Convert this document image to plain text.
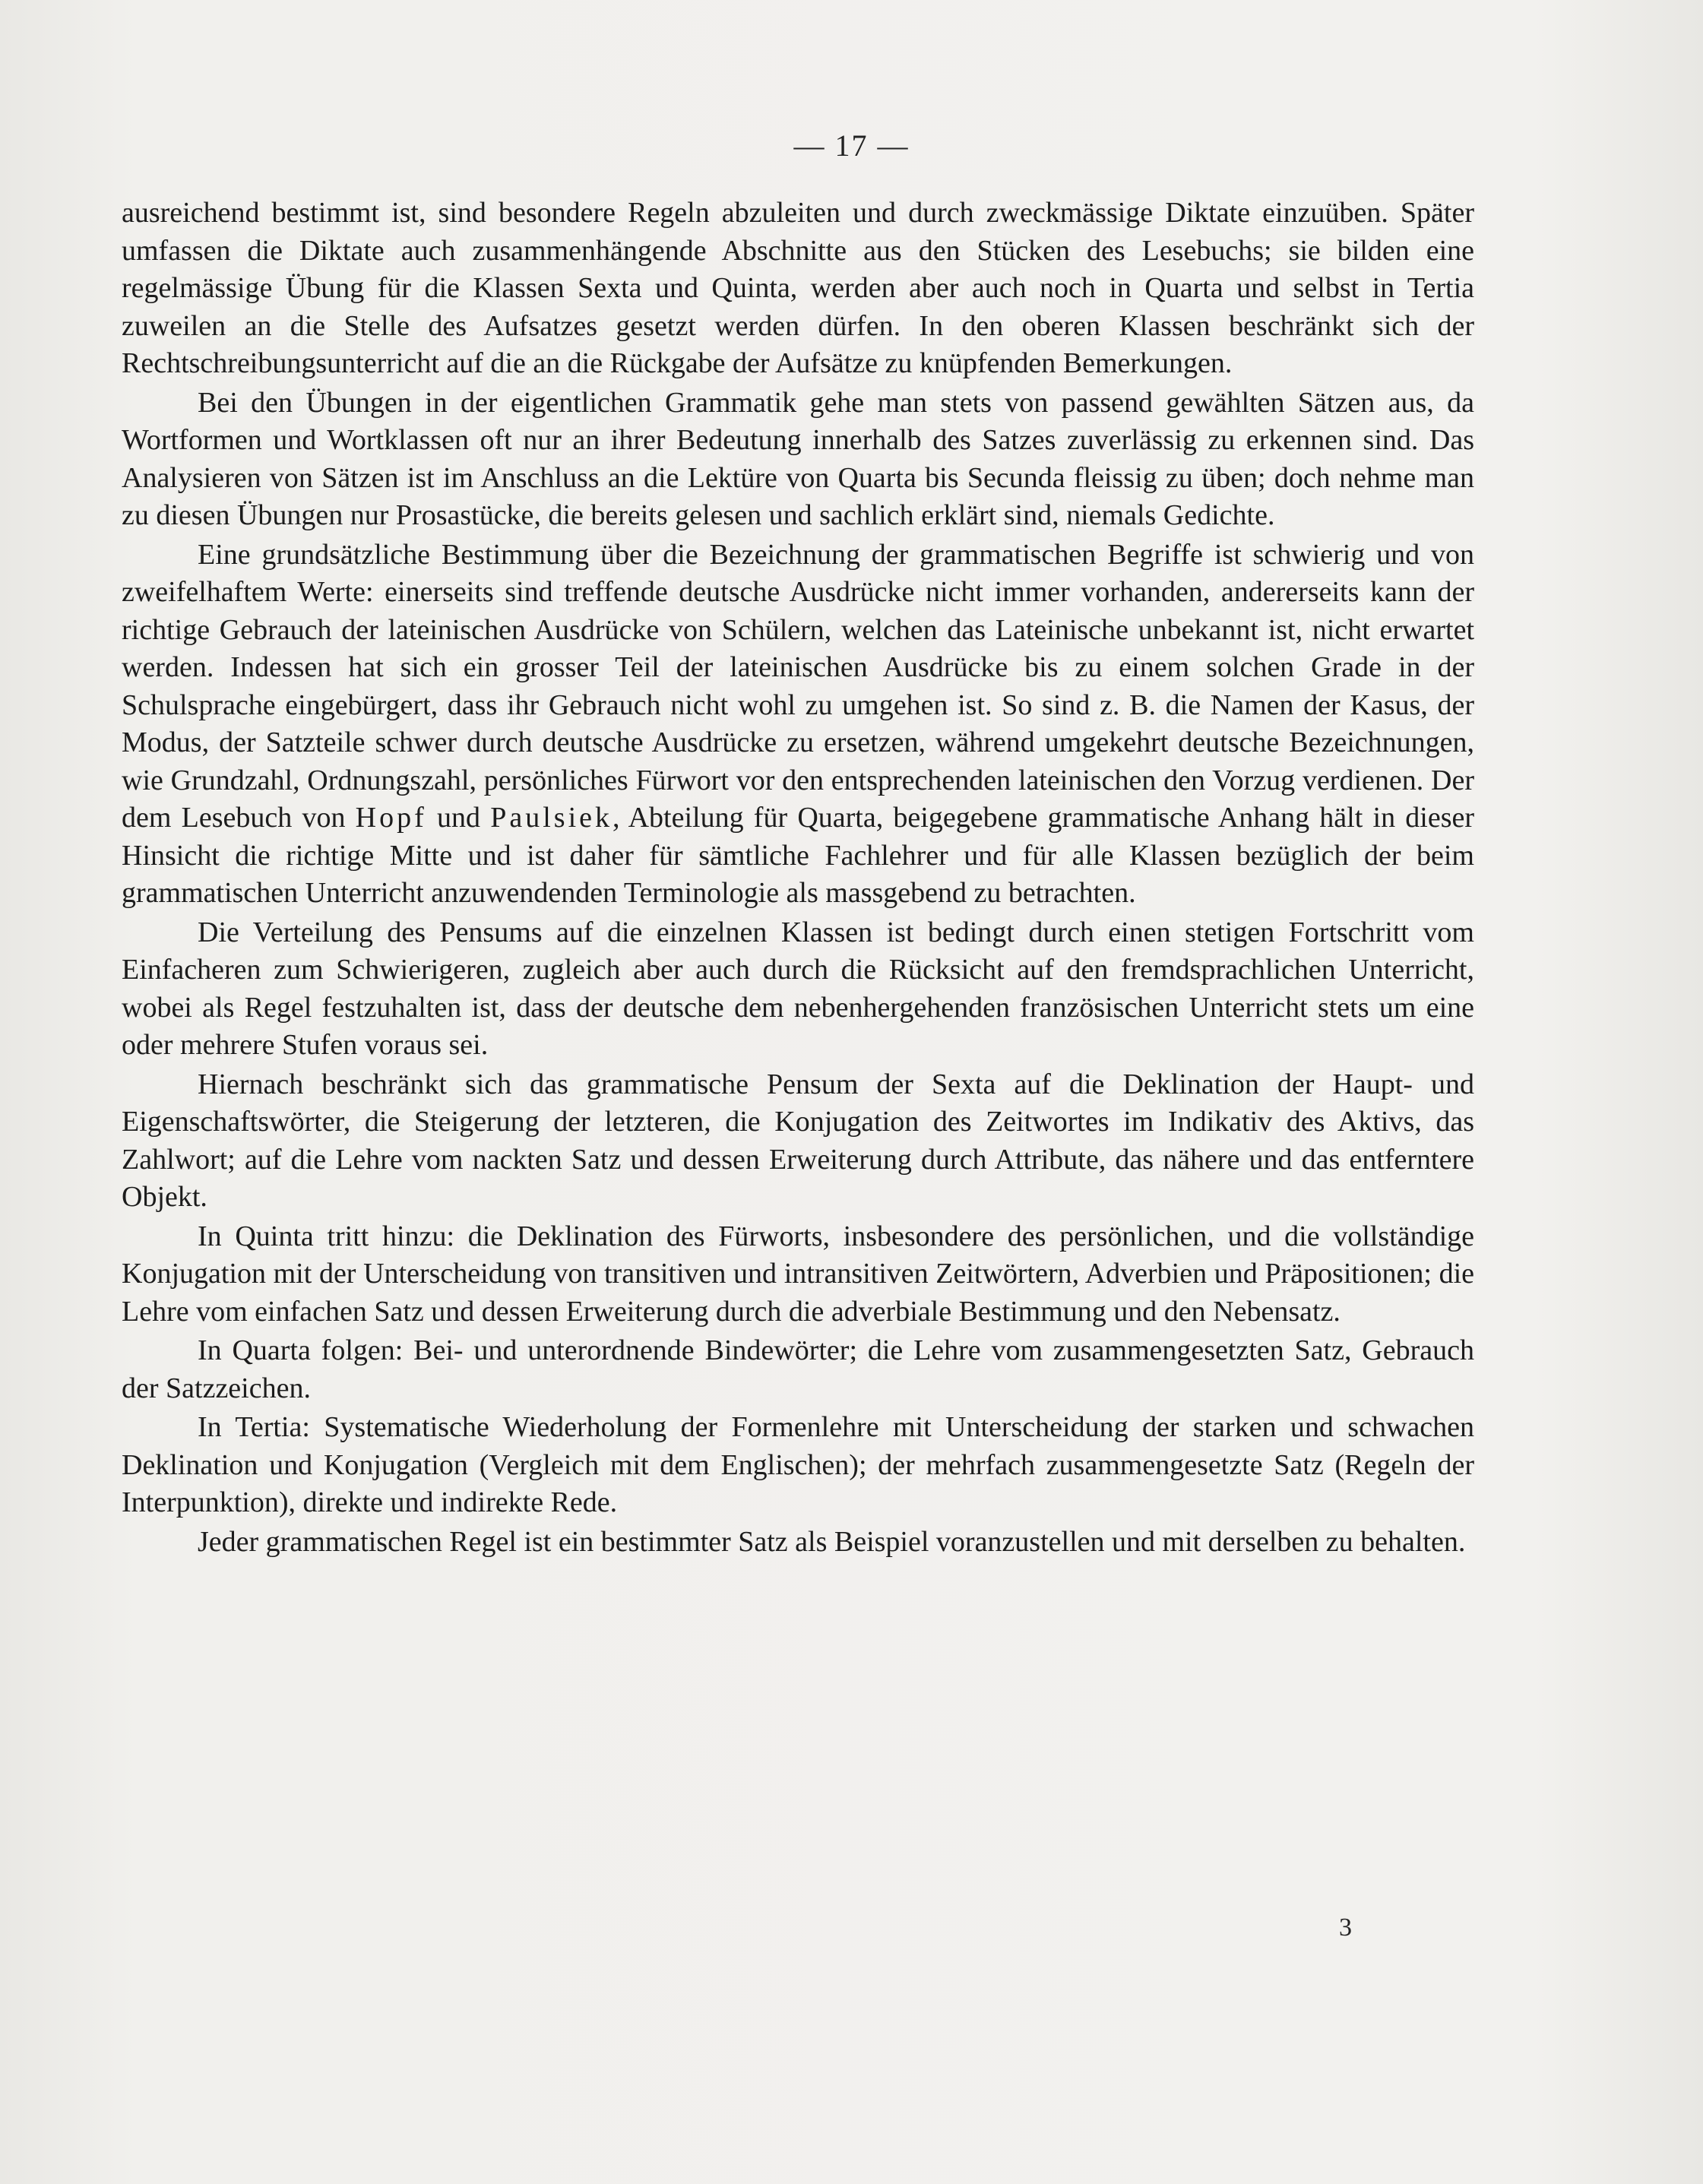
— 17 —

ausreichend bestimmt ist, sind besondere Regeln abzuleiten und durch zweckmässige Diktate einzuüben. Später umfassen die Diktate auch zusammenhängende Abschnitte aus den Stücken des Lesebuchs; sie bilden eine regelmässige Übung für die Klassen Sexta und Quinta, werden aber auch noch in Quarta und selbst in Tertia zuweilen an die Stelle des Aufsatzes gesetzt werden dürfen. In den oberen Klassen beschränkt sich der Rechtschreibungsunterricht auf die an die Rückgabe der Aufsätze zu knüpfenden Bemerkungen.

Bei den Übungen in der eigentlichen Grammatik gehe man stets von passend gewählten Sätzen aus, da Wortformen und Wortklassen oft nur an ihrer Bedeutung innerhalb des Satzes zuverlässig zu erkennen sind. Das Analysieren von Sätzen ist im Anschluss an die Lektüre von Quarta bis Secunda fleissig zu üben; doch nehme man zu diesen Übungen nur Prosastücke, die bereits gelesen und sachlich erklärt sind, niemals Gedichte.

Eine grundsätzliche Bestimmung über die Bezeichnung der grammatischen Begriffe ist schwierig und von zweifelhaftem Werte: einerseits sind treffende deutsche Ausdrücke nicht immer vorhanden, andererseits kann der richtige Gebrauch der lateinischen Ausdrücke von Schülern, welchen das Lateinische unbekannt ist, nicht erwartet werden. Indessen hat sich ein grosser Teil der lateinischen Ausdrücke bis zu einem solchen Grade in der Schulsprache eingebürgert, dass ihr Gebrauch nicht wohl zu umgehen ist. So sind z. B. die Namen der Kasus, der Modus, der Satzteile schwer durch deutsche Ausdrücke zu ersetzen, während umgekehrt deutsche Bezeichnungen, wie Grundzahl, Ordnungszahl, persönliches Fürwort vor den entsprechenden lateinischen den Vorzug verdienen. Der dem Lesebuch von Hopf und Paulsiek, Abteilung für Quarta, beigegebene grammatische Anhang hält in dieser Hinsicht die richtige Mitte und ist daher für sämtliche Fachlehrer und für alle Klassen bezüglich der beim grammatischen Unterricht anzuwendenden Terminologie als massgebend zu betrachten.

Die Verteilung des Pensums auf die einzelnen Klassen ist bedingt durch einen stetigen Fortschritt vom Einfacheren zum Schwierigeren, zugleich aber auch durch die Rücksicht auf den fremdsprachlichen Unterricht, wobei als Regel festzuhalten ist, dass der deutsche dem nebenhergehenden französischen Unterricht stets um eine oder mehrere Stufen voraus sei.

Hiernach beschränkt sich das grammatische Pensum der Sexta auf die Deklination der Haupt- und Eigenschaftswörter, die Steigerung der letzteren, die Konjugation des Zeitwortes im Indikativ des Aktivs, das Zahlwort; auf die Lehre vom nackten Satz und dessen Erweiterung durch Attribute, das nähere und das entferntere Objekt.

In Quinta tritt hinzu: die Deklination des Fürworts, insbesondere des persönlichen, und die vollständige Konjugation mit der Unterscheidung von transitiven und intransitiven Zeitwörtern, Adverbien und Präpositionen; die Lehre vom einfachen Satz und dessen Erweiterung durch die adverbiale Bestimmung und den Nebensatz.

In Quarta folgen: Bei- und unterordnende Bindewörter; die Lehre vom zusammengesetzten Satz, Gebrauch der Satzzeichen.

In Tertia: Systematische Wiederholung der Formenlehre mit Unterscheidung der starken und schwachen Deklination und Konjugation (Vergleich mit dem Englischen); der mehrfach zusammengesetzte Satz (Regeln der Interpunktion), direkte und indirekte Rede.

Jeder grammatischen Regel ist ein bestimmter Satz als Beispiel voranzustellen und mit derselben zu behalten.

3
